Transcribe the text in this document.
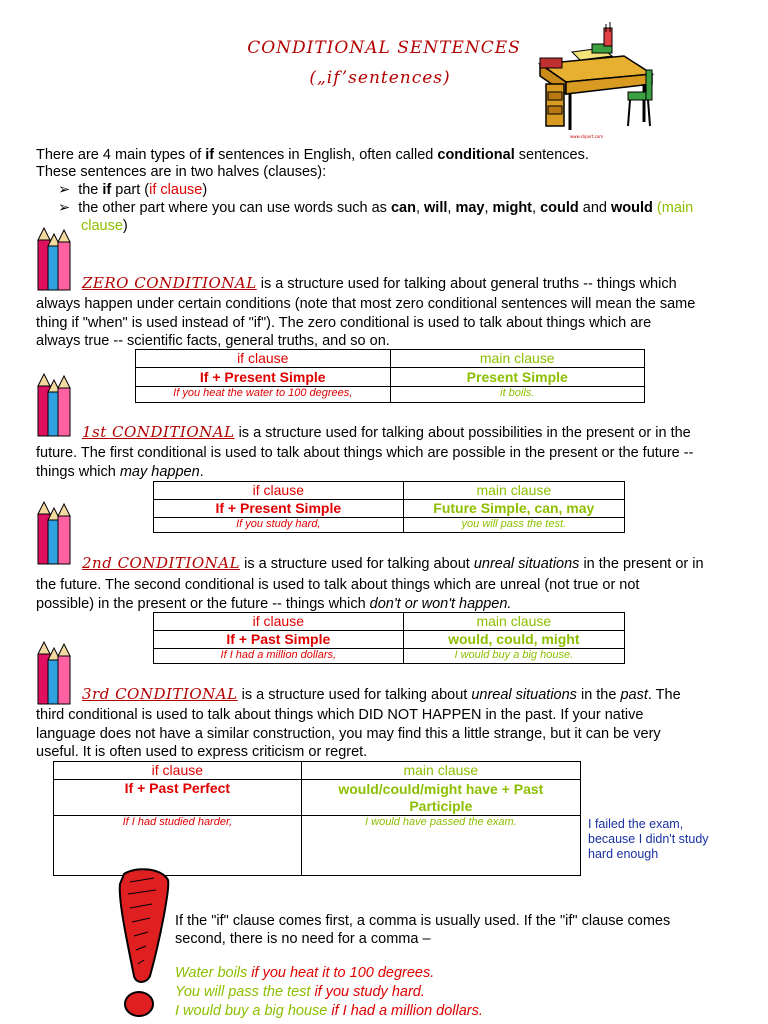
CONDITIONAL SENTENCES
(„if’sentences)
www.clipart.com
There are 4 main types of if sentences in English, often called conditional sentences.
These sentences are in two halves (clauses):
➢ the if part (if clause)
➢ the other part where you can use words such as can, will, may, might, could and would (main
clause)
ZERO CONDITIONAL is a structure used for talking about general truths -- things which
always happen under certain conditions (note that most zero conditional sentences will mean the same
thing if "when" is used instead of "if"). The zero conditional is used to talk about things which are
always true -- scientific facts, general truths, and so on.
if clause	main clause
If + Present Simple	Present Simple
If you heat the water to 100 degrees,	it boils.
1st CONDITIONAL is a structure used for talking about possibilities in the present or in the
future. The first conditional is used to talk about things which are possible in the present or the future --
things which may happen.
if clause	main clause
If + Present Simple	Future Simple, can, may
If you study hard,	you will pass the test.
2nd CONDITIONAL is a structure used for talking about unreal situations in the present or in
the future. The second conditional is used to talk about things which are unreal (not true or not
possible) in the present or the future -- things which don't or won't happen.
if clause	main clause
If + Past Simple	would, could, might
If I had a million dollars,	I would buy a big house.
3rd CONDITIONAL is a structure used for talking about unreal situations in the past. The
third conditional is used to talk about things which DID NOT HAPPEN in the past. If your native
language does not have a similar construction, you may find this a little strange, but it can be very
useful. It is often used to express criticism or regret.
if clause	main clause
If + Past Perfect	would/could/might have + Past
Participle
If I had studied harder,	I would have passed the exam.	I failed the exam,
because I didn't study
hard enough
If the "if" clause comes first, a comma is usually used. If the "if" clause comes
second, there is no need for a comma –
Water boils if you heat it to 100 degrees.
You will pass the test if you study hard.
I would buy a big house if I had a million dollars.
